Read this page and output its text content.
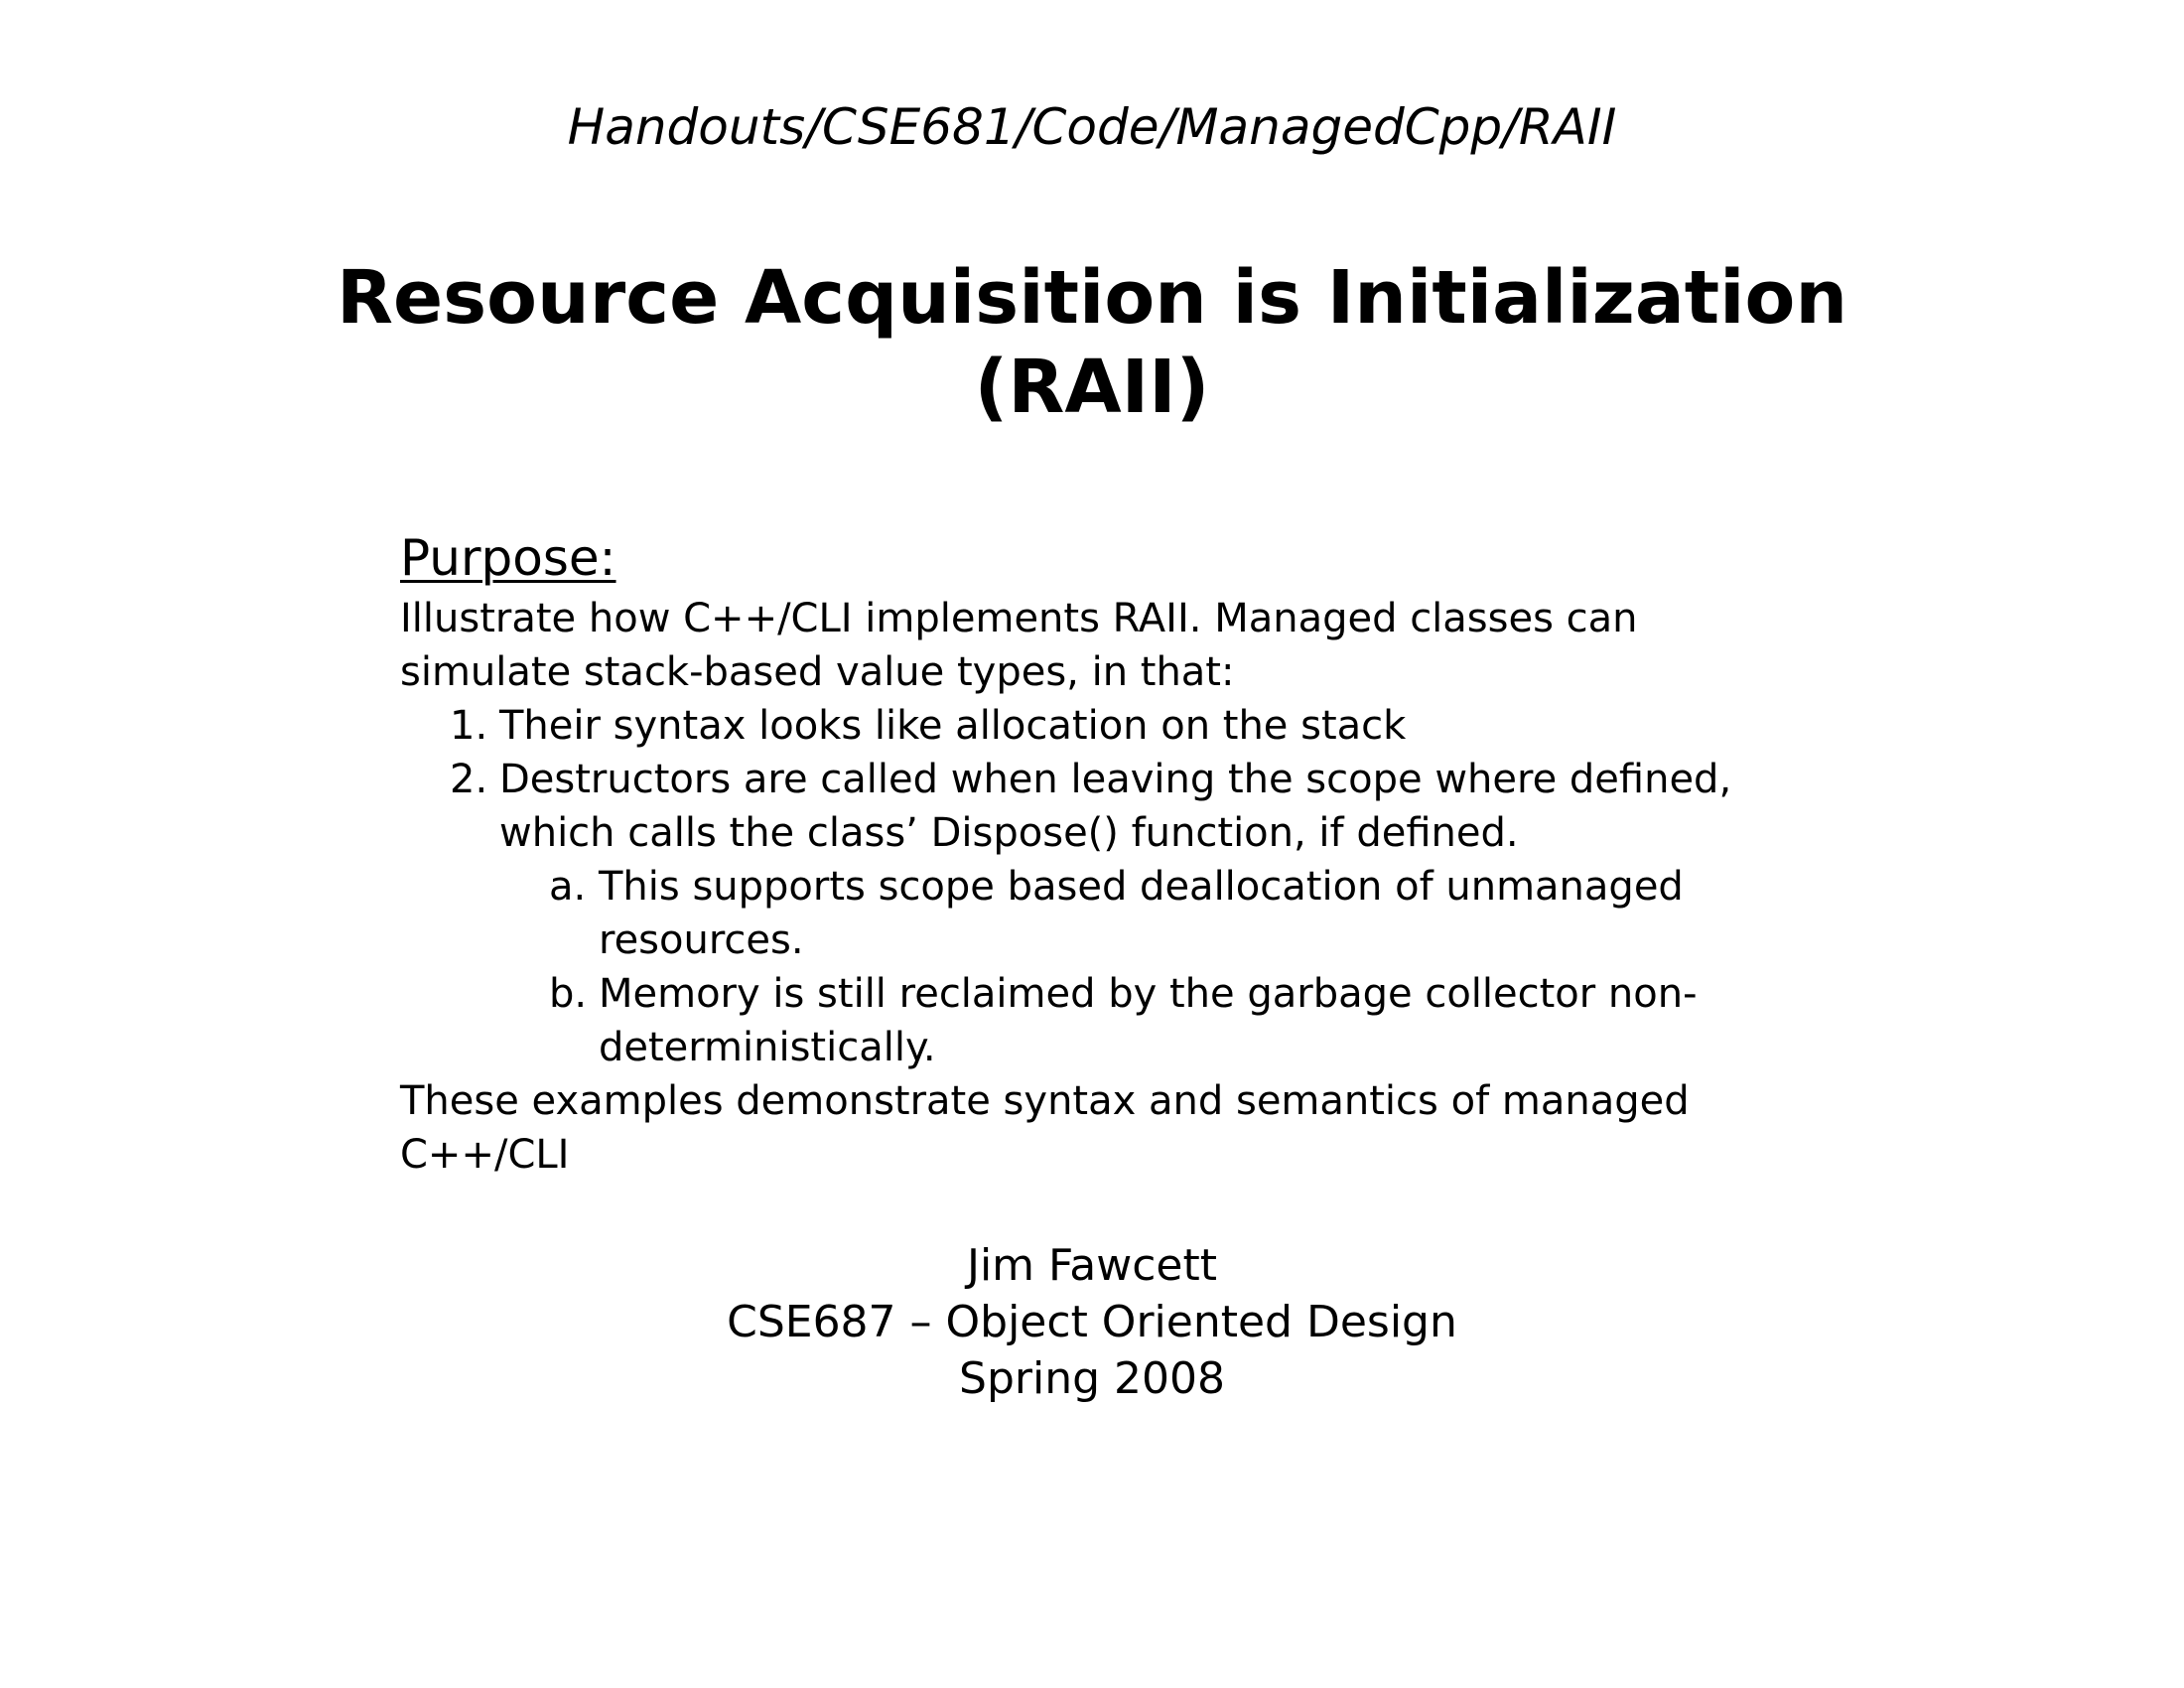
Handouts/CSE681/Code/ManagedCpp/RAII
Resource Acquisition is Initialization
(RAII)
Purpose:
Illustrate how C++/CLI implements RAII. Managed classes can simulate stack-based value types, in that:
1. Their syntax looks like allocation on the stack
2. Destructors are called when leaving the scope where defined, which calls the class’ Dispose() function, if defined.
a. This supports scope based deallocation of unmanaged resources.
b. Memory is still reclaimed by the garbage collector non-deterministically.
These examples demonstrate syntax and semantics of managed C++/CLI
Jim Fawcett
CSE687 – Object Oriented Design
Spring 2008
